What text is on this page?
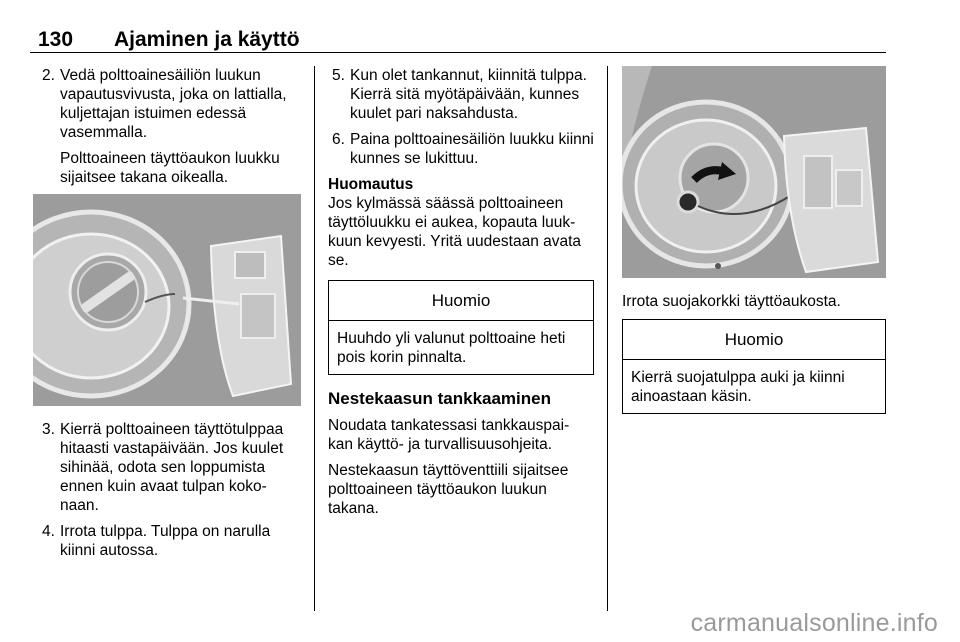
130 Ajaminen ja käyttö
2. Vedä polttoainesäiliön luukun vapautusvivusta, joka on lattialla, kuljettajan istuimen edessä vasemmalla.
Polttoaineen täyttöaukon luukku sijaitsee takana oikealla.
3. Kierrä polttoaineen täyttötulppaa hitaasti vastapäivään. Jos kuulet sihinää, odota sen loppumista ennen kuin avaat tulpan koko-naan.
4. Irrota tulppa. Tulppa on narulla kiinni autossa.
5. Kun olet tankannut, kiinnitä tulppa. Kierrä sitä myötäpäivään, kunnes kuulet pari naksahdusta.
6. Paina polttoainesäiliön luukku kiinni kunnes se lukittuu.

Huomautus

Jos kylmässä säässä polttoaineen täyttöluukku ei aukea, kopauta luuk-kuun kevyesti. Yritä uudestaan avata se.

Huomio
Huuhdo yli valunut polttoaine heti pois korin pinnalta.

Nestekaasun tankkaaminen

Noudata tankatessasi tankkauspai-kan käyttö- ja turvallisuusohjeita.

Nestekaasun täyttöventtiili sijaitsee polttoaineen täyttöaukon luukun takana.

Irrota suojakorkki täyttöaukosta.

Huomio
Kierrä suojatulppa auki ja kiinni ainoastaan käsin.
carmanualsonline.info
